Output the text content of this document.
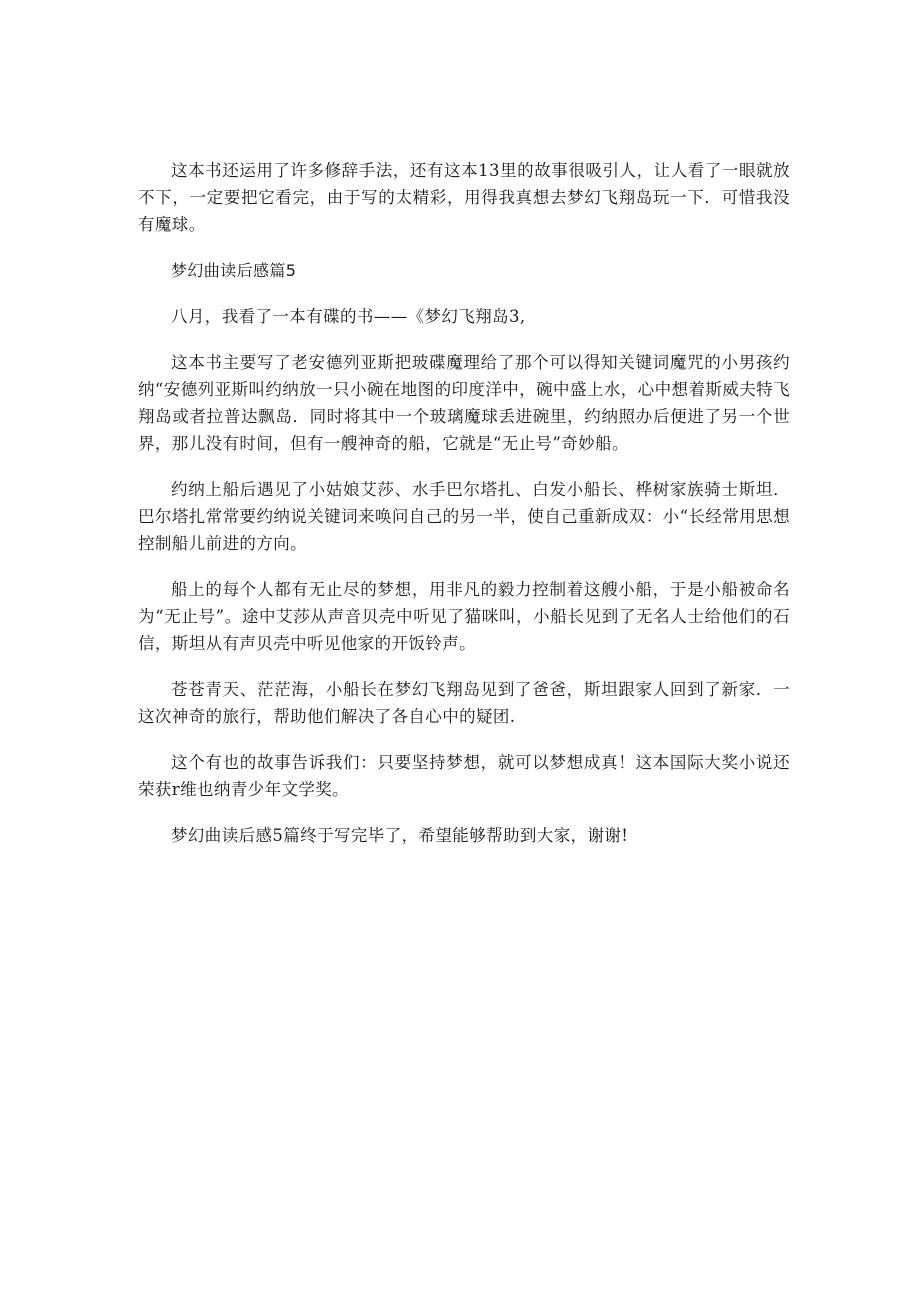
这本书还运用了许多修辞手法，还有这本13里的故事很吸引人，让人看了一眼就放不下，一定要把它看完，由于写的太精彩，用得我真想去梦幻飞翔岛玩一下．可惜我没有魔球。

梦幻曲读后感篇5

八月，我看了一本有碟的书——《梦幻飞翔岛3,

这本书主要写了老安德列亚斯把玻碟魔理给了那个可以得知关键词魔咒的小男孩约纳“安德列亚斯叫约纳放一只小碗在地图的印度洋中，碗中盛上水，心中想着斯威夫特飞翔岛或者拉普达飘岛．同时将其中一个玻璃魔球丢进碗里，约纳照办后便进了另一个世界，那儿没有时间，但有一艘神奇的船，它就是“无止号”奇妙船。

约纳上船后遇见了小姑娘艾莎、水手巴尔塔扎、白发小船长、桦树家族骑士斯坦．巴尔塔扎常常要约纳说关键词来唤问自己的另一半，使自己重新成双：小“长经常用思想控制船儿前进的方向。

船上的每个人都有无止尽的梦想，用非凡的毅力控制着这艘小船，于是小船被命名为“无止号”。途中艾莎从声音贝壳中听见了猫咪叫，小船长见到了无名人士给他们的石信，斯坦从有声贝壳中听见他家的开饭铃声。

苍苍青天、茫茫海，小船长在梦幻飞翔岛见到了爸爸，斯坦跟家人回到了新家．一这次神奇的旅行，帮助他们解决了各自心中的疑团.

这个有也的故事告诉我们：只要坚持梦想，就可以梦想成真！这本国际大奖小说还荣获r维也纳青少年文学奖。

梦幻曲读后感5篇终于写完毕了，希望能够帮助到大家，谢谢!
